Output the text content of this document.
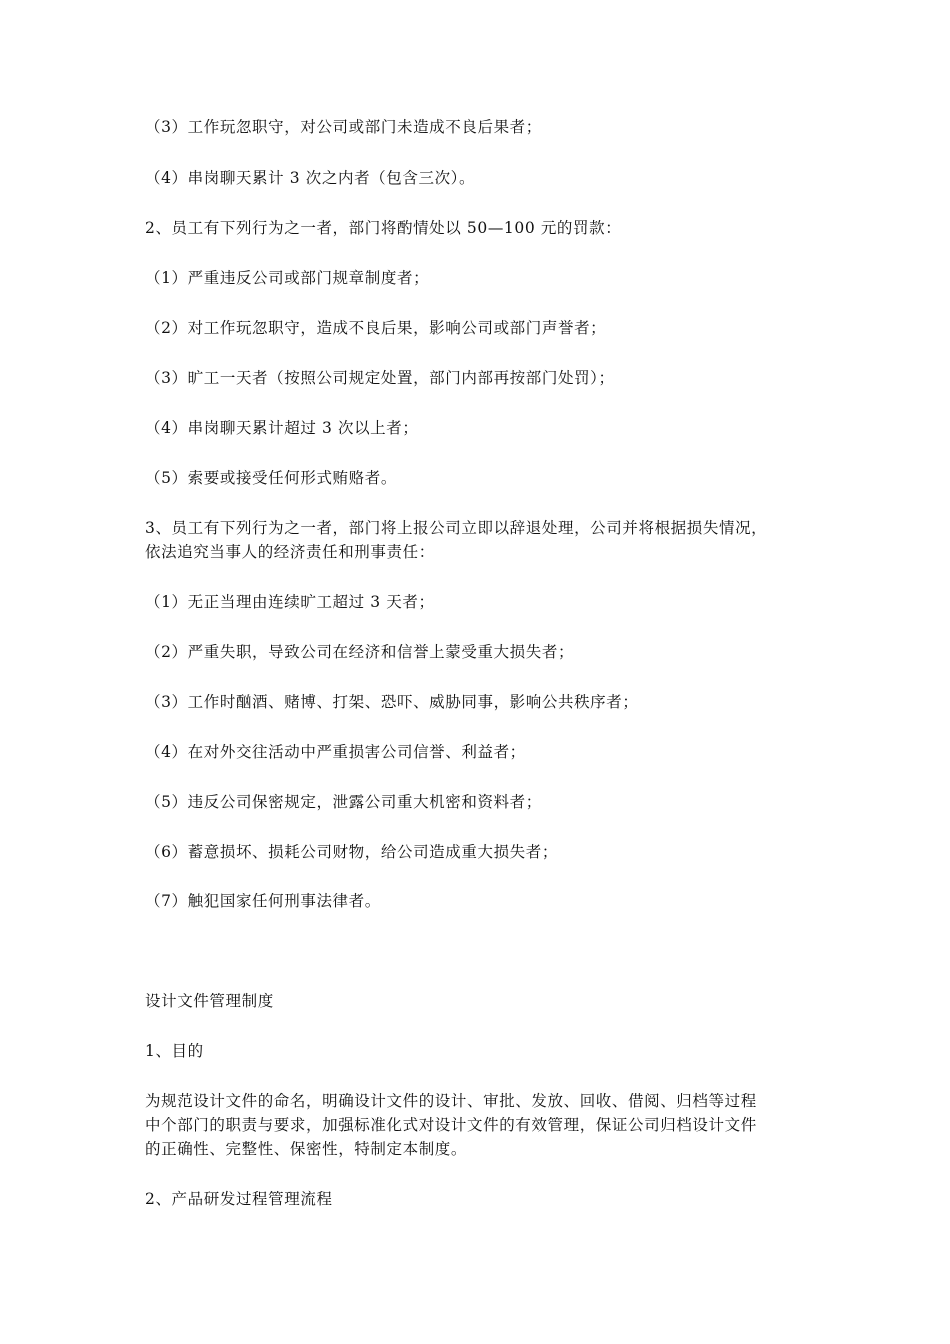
（3）工作玩忽职守，对公司或部门未造成不良后果者；
（4）串岗聊天累计 3 次之内者（包含三次）。
2、员工有下列行为之一者，部门将酌情处以 50—100 元的罚款：
（1）严重违反公司或部门规章制度者；
（2）对工作玩忽职守，造成不良后果，影响公司或部门声誉者；
（3）旷工一天者（按照公司规定处置，部门内部再按部门处罚）；
（4）串岗聊天累计超过 3 次以上者；
（5）索要或接受任何形式贿赂者。
3、员工有下列行为之一者，部门将上报公司立即以辞退处理，公司并将根据损失情况，
依法追究当事人的经济责任和刑事责任：
（1）无正当理由连续旷工超过 3 天者；
（2）严重失职，导致公司在经济和信誉上蒙受重大损失者；
（3）工作时酗酒、赌博、打架、恐吓、威胁同事，影响公共秩序者；
（4）在对外交往活动中严重损害公司信誉、利益者；
（5）违反公司保密规定，泄露公司重大机密和资料者；
（6）蓄意损坏、损耗公司财物，给公司造成重大损失者；
（7）触犯国家任何刑事法律者。
设计文件管理制度
1、目的
为规范设计文件的命名，明确设计文件的设计、审批、发放、回收、借阅、归档等过程
中个部门的职责与要求，加强标准化式对设计文件的有效管理，保证公司归档设计文件
的正确性、完整性、保密性，特制定本制度。
2、产品研发过程管理流程
